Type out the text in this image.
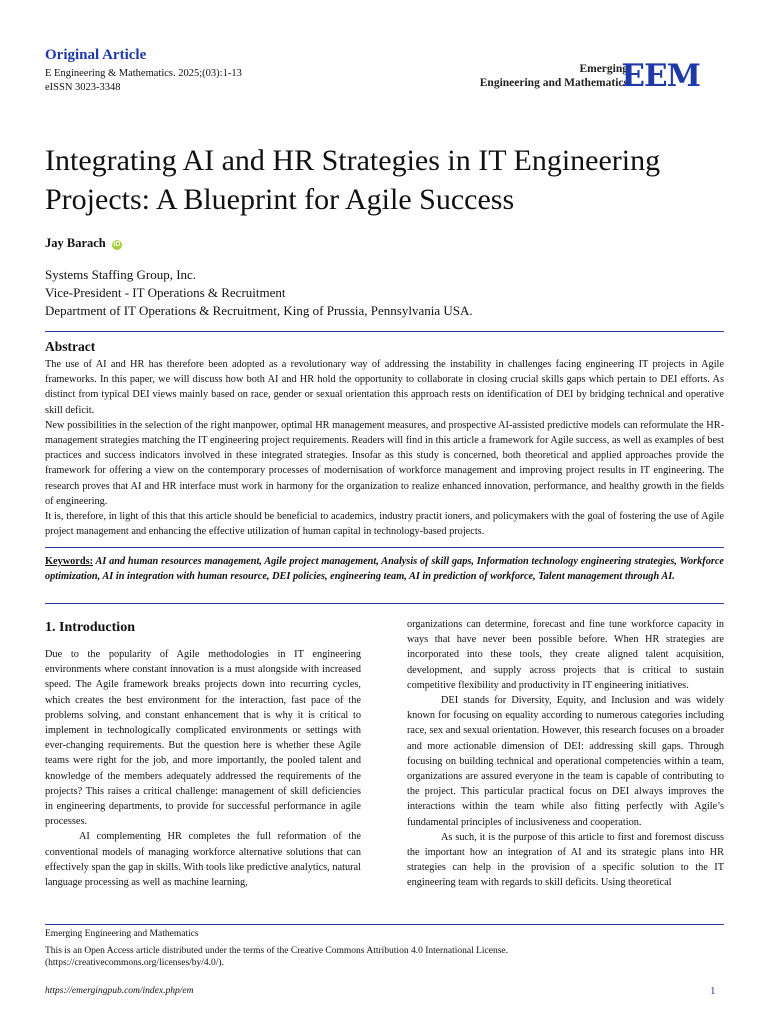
Original Article
E Engineering & Mathematics. 2025;(03):1-13
eISSN 3023-3348
Emerging
Engineering and Mathematics
EEM
Integrating AI and HR Strategies in IT Engineering Projects: A Blueprint for Agile Success
Jay Barach iD
Systems Staffing Group, Inc.
Vice-President - IT Operations & Recruitment
Department of IT Operations & Recruitment, King of Prussia, Pennsylvania USA.
Abstract

The use of AI and HR has therefore been adopted as a revolutionary way of addressing the instability in challenges facing engineering IT projects in Agile frameworks. In this paper, we will discuss how both AI and HR hold the opportunity to collaborate in closing crucial skills gaps which pertain to DEI efforts. As distinct from typical DEI views mainly based on race, gender or sexual orientation this approach rests on identification of DEI by bridging technical and operative skill deficit.

New possibilities in the selection of the right manpower, optimal HR management measures, and prospective AI-assisted predictive models can reformulate the HR-management strategies matching the IT engineering project requirements. Readers will find in this article a framework for Agile success, as well as examples of best practices and success indicators involved in these integrated strategies. Insofar as this study is concerned, both theoretical and applied approaches provide the framework for offering a view on the contemporary processes of modernisation of workforce management and improving project results in IT engineering. The research proves that AI and HR interface must work in harmony for the organization to realize enhanced innovation, performance, and healthy growth in the fields of engineering.

It is, therefore, in light of this that this article should be beneficial to academics, industry practit ioners, and policymakers with the goal of fostering the use of Agile project management and enhancing the effective utilization of human capital in technology-based projects.

Keywords: AI and human resources management, Agile project management, Analysis of skill gaps, Information technology engineering strategies, Workforce optimization, AI in integration with human resource, DEI policies, engineering team, AI in prediction of workforce, Talent management through AI.
1. Introduction

Due to the popularity of Agile methodologies in IT engineering environments where constant innovation is a must alongside with increased speed. The Agile framework breaks projects down into recurring cycles, which creates the best environment for the interaction, fast pace of the problems solving, and constant enhancement that is why it is critical to implement in technologically complicated environments or settings with ever-changing requirements. But the question here is whether these Agile teams were right for the job, and more importantly, the pooled talent and knowledge of the members adequately addressed the requirements of the projects? This raises a critical challenge: management of skill deficiencies in engineering departments, to provide for successful performance in agile processes.

AI complementing HR completes the full reformation of the conventional models of managing workforce alternative solutions that can effectively span the gap in skills. With tools like predictive analytics, natural language processing as well as machine learning,

organizations can determine, forecast and fine tune workforce capacity in ways that have never been possible before. When HR strategies are incorporated into these tools, they create aligned talent acquisition, development, and supply across projects that is critical to sustain competitive flexibility and productivity in IT engineering initiatives.

DEI stands for Diversity, Equity, and Inclusion and was widely known for focusing on equality according to numerous categories including race, sex and sexual orientation. However, this research focuses on a broader and more actionable dimension of DEI: addressing skill gaps. Through focusing on building technical and operational competencies within a team, organizations are assured everyone in the team is capable of contributing to the project. This particular practical focus on DEI always improves the interactions within the team while also fitting perfectly with Agile’s fundamental principles of inclusiveness and cooperation.

As such, it is the purpose of this article to first and foremost discuss the important how an integration of AI and its strategic plans into HR strategies can help in the provision of a specific solution to the IT engineering team with regards to skill deficits. Using theoretical

Emerging Engineering and Mathematics
This is an Open Access article distributed under the terms of the Creative Commons Attribution 4.0 International License.
(https://creativecommons.org/licenses/by/4.0/).
https://emergingpub.com/index.php/em	1
